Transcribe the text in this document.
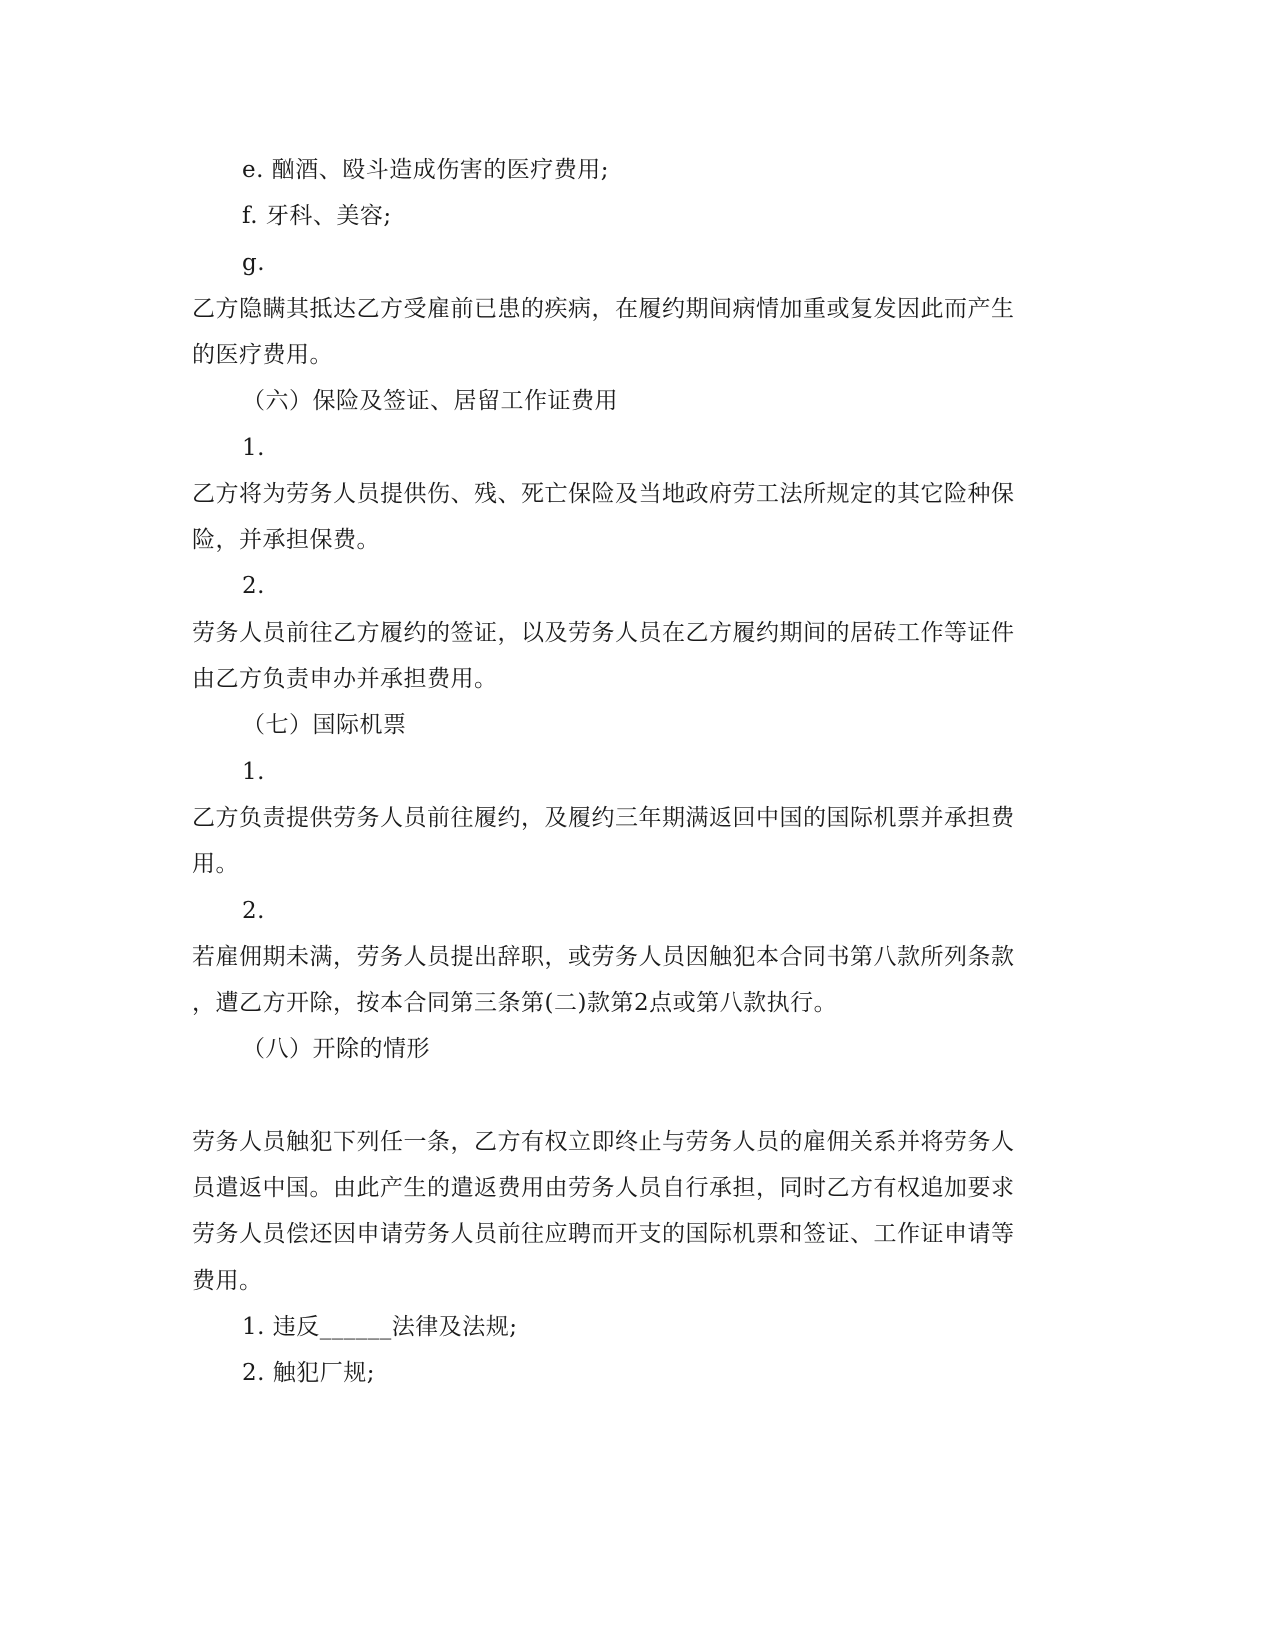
e. 酗酒、殴斗造成伤害的医疗费用;
f. 牙科、美容;
g.
乙方隐瞒其抵达乙方受雇前已患的疾病，在履约期间病情加重或复发因此而产生
的医疗费用。
（六）保险及签证、居留工作证费用
1.
乙方将为劳务人员提供伤、残、死亡保险及当地政府劳工法所规定的其它险种保
险，并承担保费。
2.
劳务人员前往乙方履约的签证，以及劳务人员在乙方履约期间的居砖工作等证件
由乙方负责申办并承担费用。
（七）国际机票
1.
乙方负责提供劳务人员前往履约，及履约三年期满返回中国的国际机票并承担费
用。
2.
若雇佣期未满，劳务人员提出辞职，或劳务人员因触犯本合同书第八款所列条款
，遭乙方开除，按本合同第三条第(二)款第2点或第八款执行。
（八）开除的情形
劳务人员触犯下列任一条，乙方有权立即终止与劳务人员的雇佣关系并将劳务人
员遣返中国。由此产生的遣返费用由劳务人员自行承担，同时乙方有权追加要求
劳务人员偿还因申请劳务人员前往应聘而开支的国际机票和签证、工作证申请等
费用。
1. 违反______法律及法规;
2. 触犯厂规;
